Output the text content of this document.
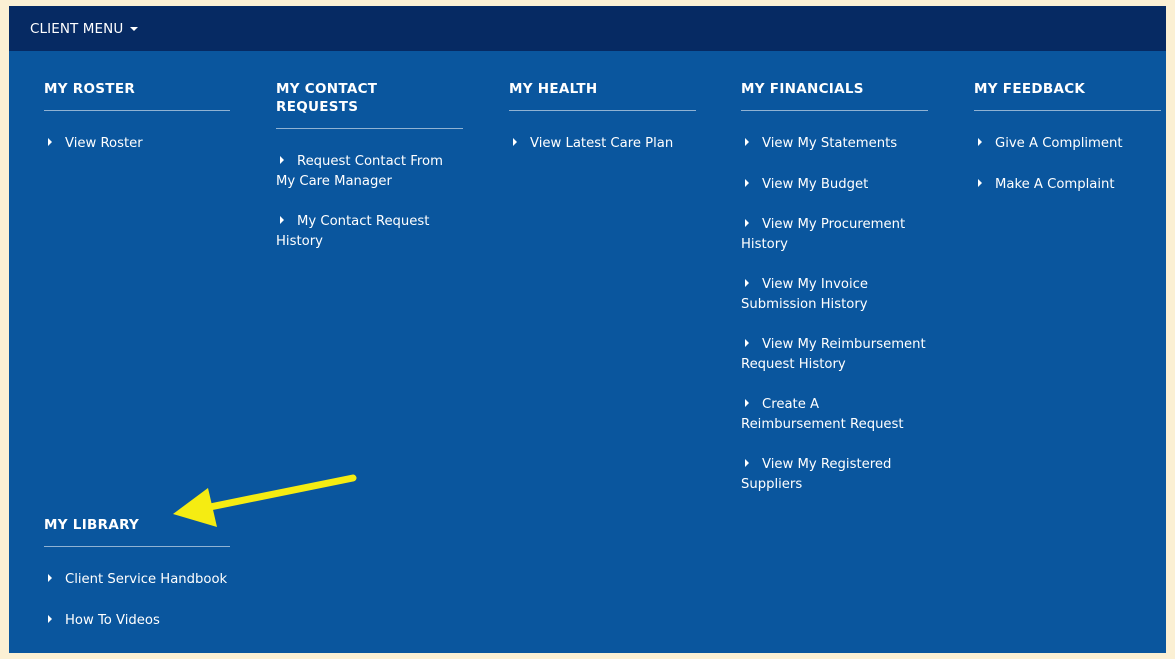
CLIENT MENU
MY ROSTER
View Roster
MY CONTACT REQUESTS
Request Contact From My Care Manager
My Contact Request History
MY HEALTH
View Latest Care Plan
MY FINANCIALS
View My Statements
View My Budget
View My Procurement History
View My Invoice Submission History
View My Reimbursement Request History
Create A Reimbursement Request
View My Registered Suppliers
MY FEEDBACK
Give A Compliment
Make A Complaint
MY LIBRARY
Client Service Handbook
How To Videos
